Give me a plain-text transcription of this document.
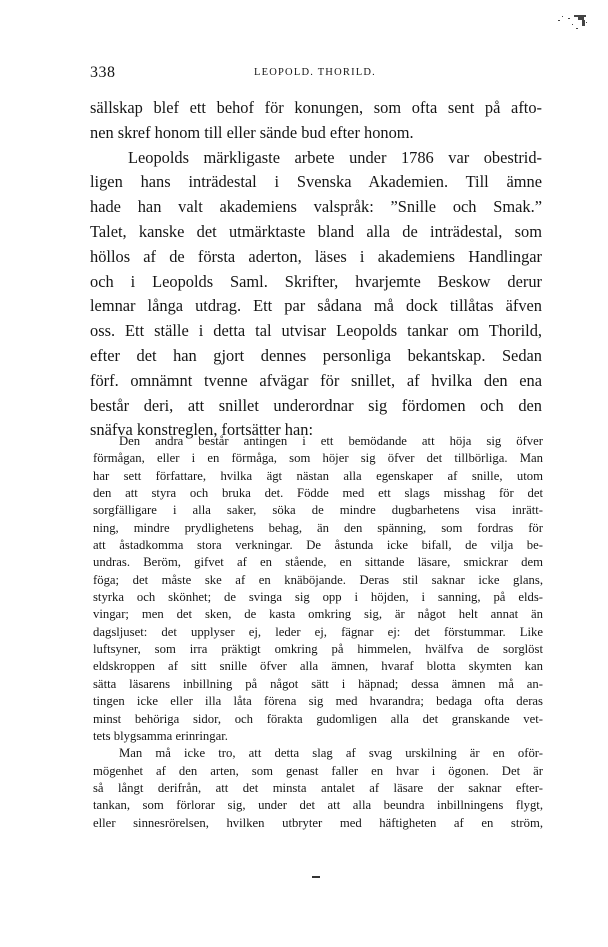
338	LEOPOLD. THORILD.

sällskap blef ett behof för konungen, som ofta sent på afto-
nen skref honom till eller sände bud efter honom.

Leopolds märkligaste arbete under 1786 var obestrid-
ligen hans inträdestal i Svenska Akademien. Till ämne
hade han valt akademiens valspråk: ”Snille och Smak.”
Talet, kanske det utmärktaste bland alla de inträdestal, som
höllos af de första aderton, läses i akademiens Handlingar
och i Leopolds Saml. Skrifter, hvarjemte Beskow derur
lemnar långa utdrag. Ett par sådana må dock tillåtas äfven
oss. Ett ställe i detta tal utvisar Leopolds tankar om Thorild,
efter det han gjort dennes personliga bekantskap. Sedan
förf. omnämnt tvenne afvägar för snillet, af hvilka den ena
består deri, att snillet underordnar sig fördomen och den
snäfva konstreglen, fortsätter han:

Den andra består antingen i ett bemödande att höja sig öfver
förmågan, eller i en förmåga, som höjer sig öfver det tillbörliga. Man
har sett författare, hvilka ägt nästan alla egenskaper af snille, utom
den att styra och bruka det. Födde med ett slags misshag för det
sorgfälligare i alla saker, söka de mindre dugbarhetens visa inrätt-
ning, mindre prydlighetens behag, än den spänning, som fordras för
att åstadkomma stora verkningar. De åstunda icke bifall, de vilja be-
undras. Beröm, gifvet af en stående, en sittande läsare, smickrar dem
föga; det måste ske af en knäböjande. Deras stil saknar icke glans,
styrka och skönhet; de svinga sig opp i höjden, i sanning, på elds-
vingar; men det sken, de kasta omkring sig, är något helt annat än
dagsljuset: det upplyser ej, leder ej, fägnar ej: det förstummar. Like
luftsyner, som irra präktigt omkring på himmelen, hvälfva de sorglöst
eldskroppen af sitt snille öfver alla ämnen, hvaraf blotta skymten kan
sätta läsarens inbillning på något sätt i häpnad; dessa ämnen må an-
tingen icke eller illa låta förena sig med hvarandra; bedaga ofta deras
minst behöriga sidor, och förakta gudomligen alla det granskande vet-
tets blygsamma erinringar.

Man må icke tro, att detta slag af svag urskilning är en oför-
mögenhet af den arten, som genast faller en hvar i ögonen. Det är
så långt derifrån, att det minsta antalet af läsare der saknar efter-
tankan, som förlorar sig, under det att alla beundra inbillningens flygt,
eller sinnesrörelsen, hvilken utbryter med häftigheten af en ström,
